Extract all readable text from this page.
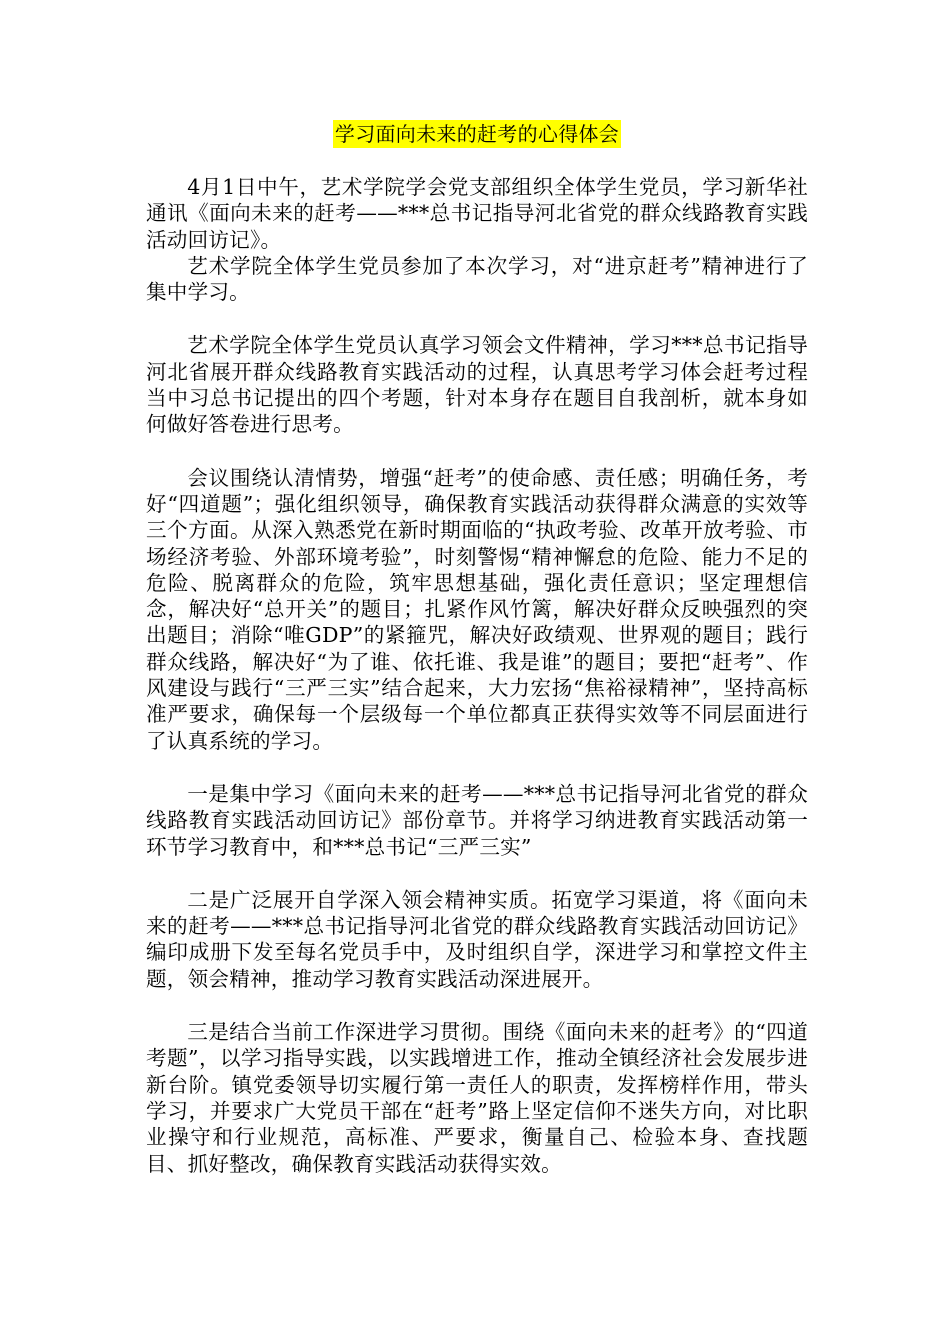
学习面向未来的赶考的心得体会

4月1日中午，艺术学院学会党支部组织全体学生党员，学习新华社通讯《面向未来的赶考——***总书记指导河北省党的群众线路教育实践活动回访记》。

艺术学院全体学生党员参加了本次学习，对“进京赶考”精神进行了集中学习。

艺术学院全体学生党员认真学习领会文件精神，学习***总书记指导河北省展开群众线路教育实践活动的过程，认真思考学习体会赶考过程当中习总书记提出的四个考题，针对本身存在题目自我剖析，就本身如何做好答卷进行思考。

会议围绕认清情势，增强“赶考”的使命感、责任感；明确任务，考好“四道题”；强化组织领导，确保教育实践活动获得群众满意的实效等三个方面。从深入熟悉党在新时期面临的“执政考验、改革开放考验、市场经济考验、外部环境考验”，时刻警惕“精神懈怠的危险、能力不足的危险、脱离群众的危险，筑牢思想基础，强化责任意识；坚定理想信念，解决好“总开关”的题目；扎紧作风竹篱，解决好群众反映强烈的突出题目；消除“唯GDP”的紧箍咒，解决好政绩观、世界观的题目；践行群众线路，解决好“为了谁、依托谁、我是谁”的题目；要把“赶考”、作风建设与践行“三严三实”结合起来，大力宏扬“焦裕禄精神”，坚持高标准严要求，确保每一个层级每一个单位都真正获得实效等不同层面进行了认真系统的学习。

一是集中学习《面向未来的赶考——***总书记指导河北省党的群众线路教育实践活动回访记》部份章节。并将学习纳进教育实践活动第一环节学习教育中，和***总书记“三严三实”

二是广泛展开自学深入领会精神实质。拓宽学习渠道，将《面向未来的赶考——***总书记指导河北省党的群众线路教育实践活动回访记》编印成册下发至每名党员手中，及时组织自学，深进学习和掌控文件主题，领会精神，推动学习教育实践活动深进展开。

三是结合当前工作深进学习贯彻。围绕《面向未来的赶考》的“四道考题”，以学习指导实践，以实践增进工作，推动全镇经济社会发展步进新台阶。镇党委领导切实履行第一责任人的职责，发挥榜样作用，带头学习，并要求广大党员干部在“赶考”路上坚定信仰不迷失方向，对比职业操守和行业规范，高标准、严要求，衡量自己、检验本身、查找题目、抓好整改，确保教育实践活动获得实效。
